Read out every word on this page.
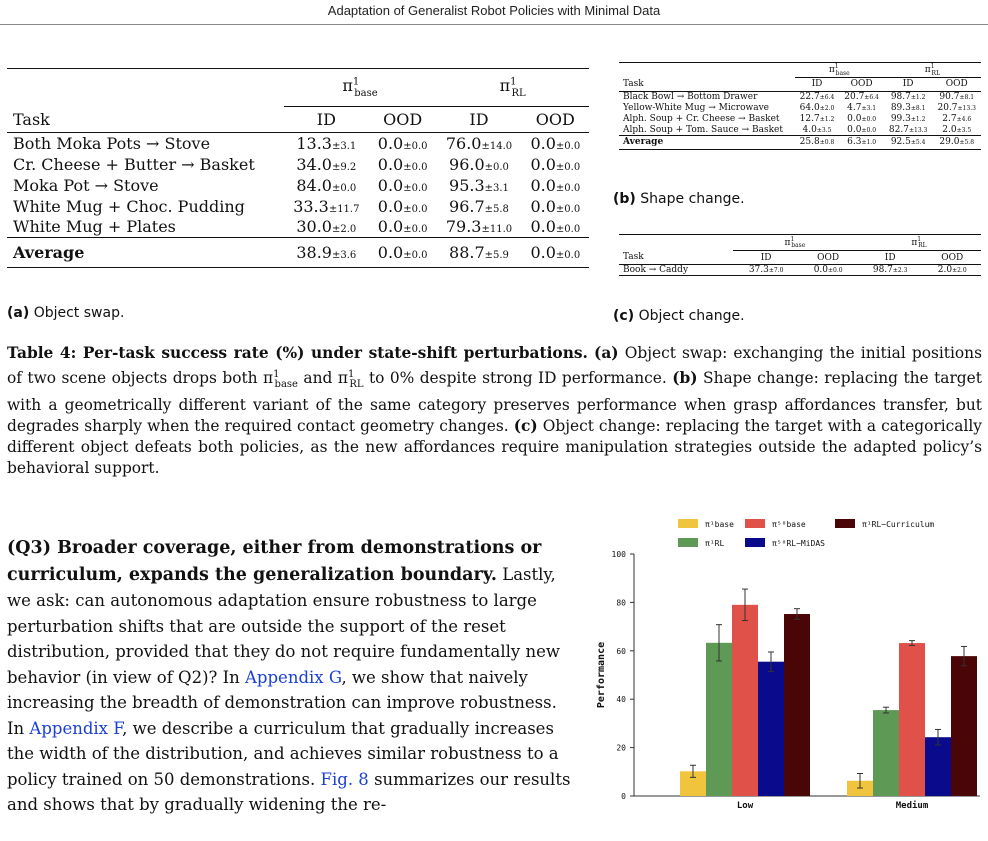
Adaptation of Generalist Robot Policies with Minimal Data
	$\pi^1_{base}$		$\pi^1_{RL}$
Task	ID	OOD	ID	OOD
Both Moka Pots → Stove	13.3±3.1	0.0±0.0	76.0±14.0	0.0±0.0
Cr. Cheese + Butter → Basket	34.0±9.2	0.0±0.0	96.0±0.0	0.0±0.0
Moka Pot → Stove	84.0±0.0	0.0±0.0	95.3±3.1	0.0±0.0
White Mug + Choc. Pudding	33.3±11.7	0.0±0.0	96.7±5.8	0.0±0.0
White Mug + Plates	30.0±2.0	0.0±0.0	79.3±11.0	0.0±0.0
Average	38.9±3.6	0.0±0.0	88.7±5.9	0.0±0.0
	$\pi^1_{base}$		$\pi^1_{RL}$
Task	ID	OOD	ID	OOD
Black Bowl → Bottom Drawer	22.7±6.4	20.7±6.4	98.7±1.2	90.7±8.1
Yellow-White Mug → Microwave	64.0±2.0	4.7±3.1	89.3±8.1	20.7±13.3
Alph. Soup + Cr. Cheese → Basket	12.7±1.2	0.0±0.0	99.3±1.2	2.7±4.6
Alph. Soup + Tom. Sauce → Basket	4.0±3.5	0.0±0.0	82.7±13.3	2.0±3.5
Average	25.8±0.8	6.3±1.0	92.5±5.4	29.0±5.8
	$\pi^1_{base}$		$\pi^1_{RL}$
Task	ID	OOD	ID	OOD
Book → Caddy	37.3±7.0	0.0±0.0	98.7±2.3	2.0±2.0
(a) Object swap.
(b) Shape change.
(c) Object change.
Table 4: Per-task success rate (%) under state-shift perturbations. (a) Object swap: exchanging the initial positions of two scene objects drops both $\pi^1_{base}$ and $\pi^1_{RL}$ to 0% despite strong ID performance. (b) Shape change: replacing the target with a geometrically different variant of the same category preserves performance when grasp affordances transfer, but degrades sharply when the required contact geometry changes. (c) Object change: replacing the target with a categorically different object defeats both policies, as the new affordances require manipulation strategies outside the adapted policy’s behavioral support.
(Q3) Broader coverage, either from demonstrations or curriculum, expands the generalization boundary. Lastly, we ask: can autonomous adaptation ensure robustness to large perturbation shifts that are outside the support of the reset distribution, provided that they do not require fundamentally new behavior (in view of Q2)? In Appendix G, we show that naively increasing the breadth of demonstration can improve robustness. In Appendix F, we describe a curriculum that gradually increases the width of the distribution, and achieves similar robustness to a policy trained on 50 demonstrations. Fig. 8 summarizes our results and shows that by gradually widening the re-
π¹base	π⁵⁰base	π¹RL−Curriculum
π¹RL	π⁵⁰RL−MiDAS
0
20
40
60
80
100
Performance
Low	Medium
